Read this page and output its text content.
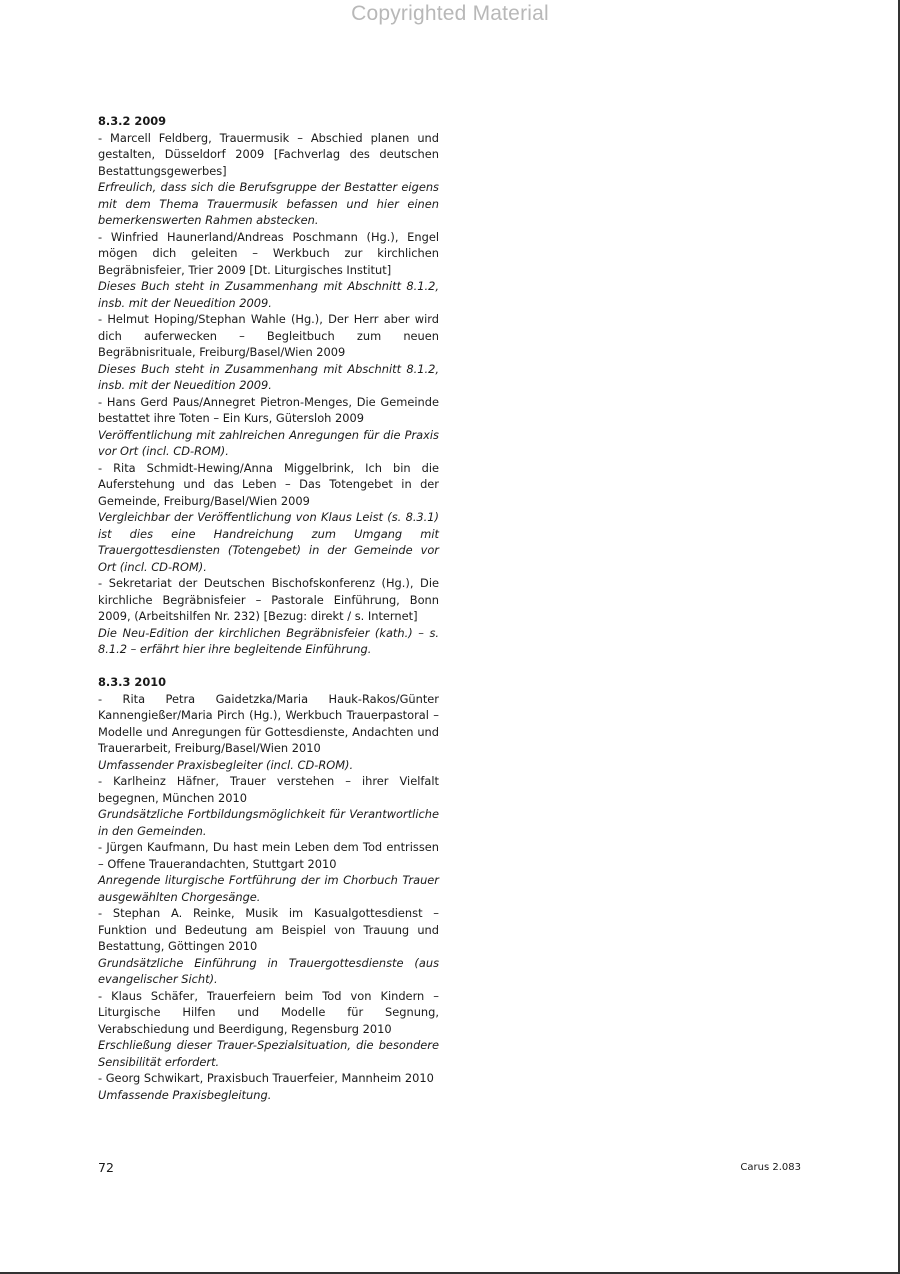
Copyrighted Material

8.3.2 2009

- Marcell Feldberg, Trauermusik – Abschied planen und gestalten, Düsseldorf 2009 [Fachverlag des deutschen Bestattungsgewerbes]

Erfreulich, dass sich die Berufsgruppe der Bestatter eigens mit dem Thema Trauermusik befassen und hier einen bemerkenswerten Rahmen abstecken.

- Winfried Haunerland/Andreas Poschmann (Hg.), Engel mögen dich geleiten – Werkbuch zur kirchlichen Begräbnisfeier, Trier 2009 [Dt. Liturgisches Institut]

Dieses Buch steht in Zusammenhang mit Abschnitt 8.1.2, insb. mit der Neuedition 2009.

- Helmut Hoping/Stephan Wahle (Hg.), Der Herr aber wird dich auferwecken – Begleitbuch zum neuen Begräbnisrituale, Freiburg/Basel/Wien 2009

Dieses Buch steht in Zusammenhang mit Abschnitt 8.1.2, insb. mit der Neuedition 2009.

- Hans Gerd Paus/Annegret Pietron-Menges, Die Gemeinde bestattet ihre Toten – Ein Kurs, Gütersloh 2009

Veröffentlichung mit zahlreichen Anregungen für die Praxis vor Ort (incl. CD-ROM).

- Rita Schmidt-Hewing/Anna Miggelbrink, Ich bin die Auferstehung und das Leben – Das Totengebet in der Gemeinde, Freiburg/Basel/Wien 2009

Vergleichbar der Veröffentlichung von Klaus Leist (s. 8.3.1) ist dies eine Handreichung zum Umgang mit Trauergottesdiensten (Totengebet) in der Gemeinde vor Ort (incl. CD-ROM).

- Sekretariat der Deutschen Bischofskonferenz (Hg.), Die kirchliche Begräbnisfeier – Pastorale Einführung, Bonn 2009, (Arbeitshilfen Nr. 232) [Bezug: direkt / s. Internet]

Die Neu-Edition der kirchlichen Begräbnisfeier (kath.) – s. 8.1.2 – erfährt hier ihre begleitende Einführung.

8.3.3 2010

- Rita Petra Gaidetzka/Maria Hauk-Rakos/Günter Kannengießer/Maria Pirch (Hg.), Werkbuch Trauerpastoral – Modelle und Anregungen für Gottesdienste, Andachten und Trauerarbeit, Freiburg/Basel/Wien 2010

Umfassender Praxisbegleiter (incl. CD-ROM).

- Karlheinz Häfner, Trauer verstehen – ihrer Vielfalt begegnen, München 2010

Grundsätzliche Fortbildungsmöglichkeit für Verantwortliche in den Gemeinden.

- Jürgen Kaufmann, Du hast mein Leben dem Tod entrissen – Offene Trauerandachten, Stuttgart 2010

Anregende liturgische Fortführung der im Chorbuch Trauer ausgewählten Chorgesänge.

- Stephan A. Reinke, Musik im Kasualgottesdienst – Funktion und Bedeutung am Beispiel von Trauung und Bestattung, Göttingen 2010

Grundsätzliche Einführung in Trauergottesdienste (aus evangelischer Sicht).

- Klaus Schäfer, Trauerfeiern beim Tod von Kindern – Liturgische Hilfen und Modelle für Segnung, Verabschiedung und Beerdigung, Regensburg 2010

Erschließung dieser Trauer-Spezialsituation, die besondere Sensibilität erfordert.

- Georg Schwikart, Praxisbuch Trauerfeier, Mannheim 2010

Umfassende Praxisbegleitung.

72	Carus 2.083
